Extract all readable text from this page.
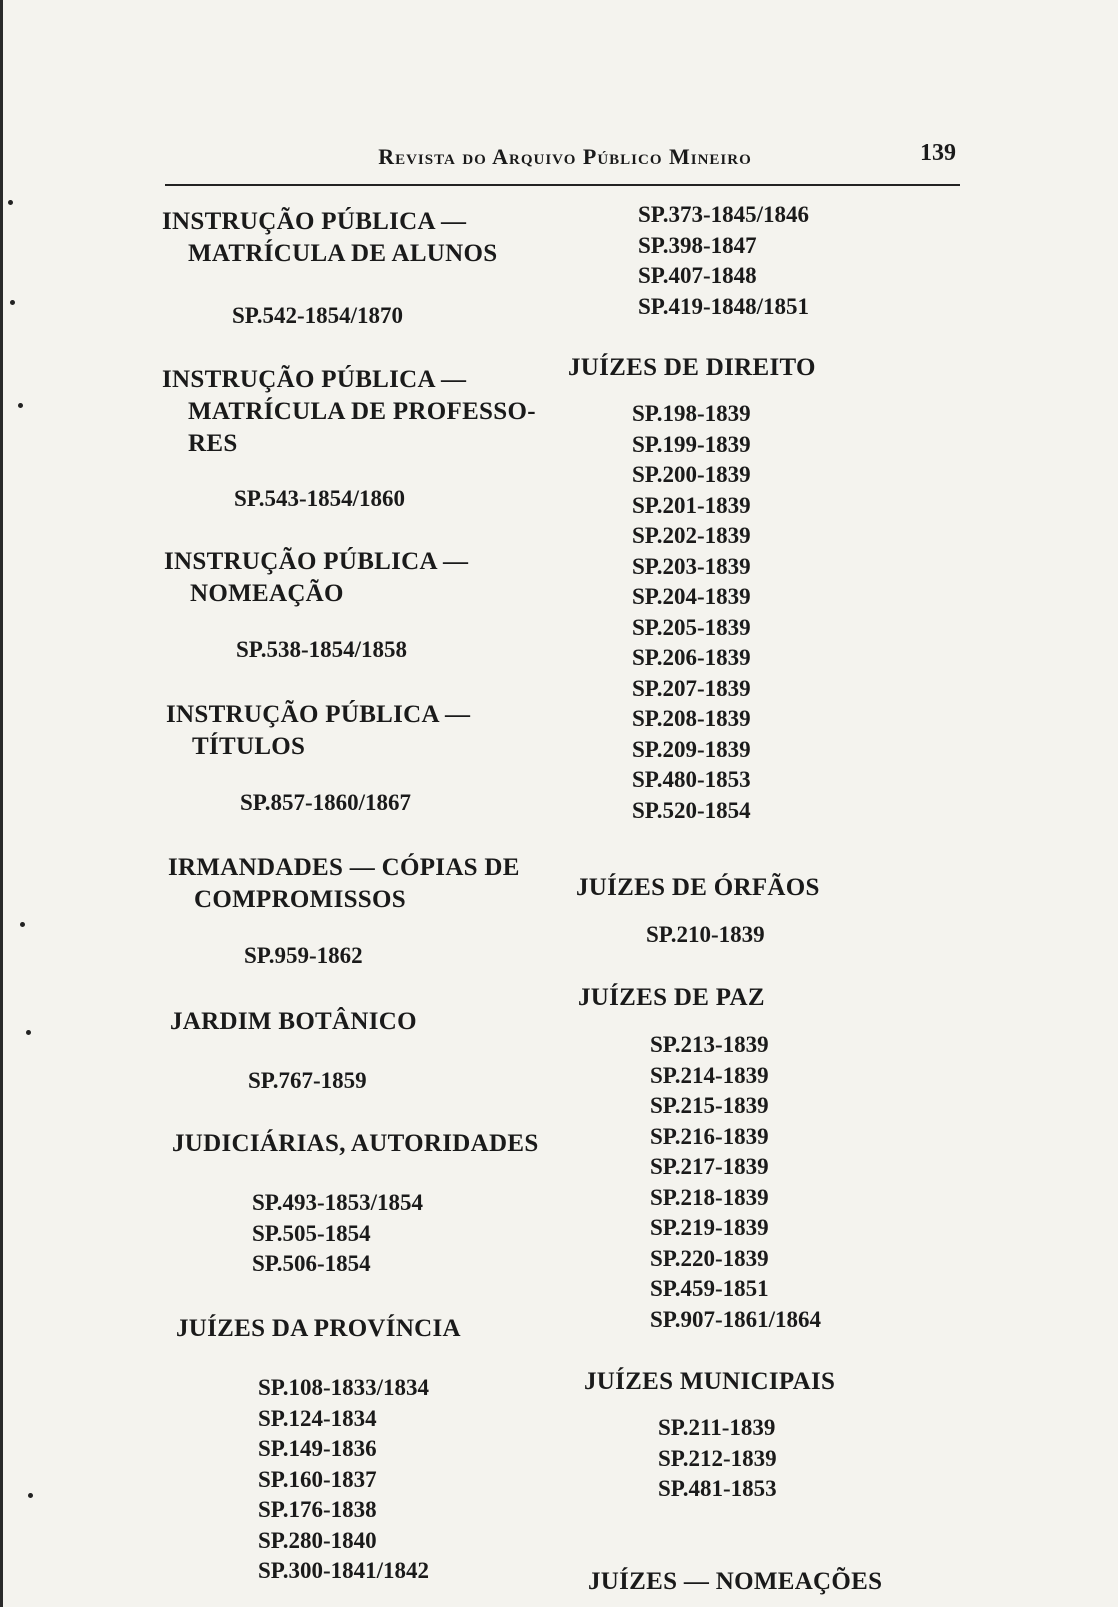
Revista do Arquivo Público Mineiro	139

INSTRUÇÃO PÚBLICA — MATRÍCULA DE ALUNOS

SP.542-1854/1870

INSTRUÇÃO PÚBLICA — MATRÍCULA DE PROFESSO-RES

SP.543-1854/1860

INSTRUÇÃO PÚBLICA — NOMEAÇÃO

SP.538-1854/1858

INSTRUÇÃO PÚBLICA — TÍTULOS

SP.857-1860/1867

IRMANDADES — CÓPIAS DE COMPROMISSOS

SP.959-1862

JARDIM BOTÂNICO

SP.767-1859

JUDICIÁRIAS, AUTORIDADES

SP.493-1853/1854
SP.505-1854
SP.506-1854

JUÍZES DA PROVÍNCIA

SP.108-1833/1834
SP.124-1834
SP.149-1836
SP.160-1837
SP.176-1838
SP.280-1840
SP.300-1841/1842
SP.373-1845/1846
SP.398-1847
SP.407-1848
SP.419-1848/1851

JUÍZES DE DIREITO

SP.198-1839
SP.199-1839
SP.200-1839
SP.201-1839
SP.202-1839
SP.203-1839
SP.204-1839
SP.205-1839
SP.206-1839
SP.207-1839
SP.208-1839
SP.209-1839
SP.480-1853
SP.520-1854

JUÍZES DE ÓRFÃOS

SP.210-1839

JUÍZES DE PAZ

SP.213-1839
SP.214-1839
SP.215-1839
SP.216-1839
SP.217-1839
SP.218-1839
SP.219-1839
SP.220-1839
SP.459-1851
SP.907-1861/1864

JUÍZES MUNICIPAIS

SP.211-1839
SP.212-1839
SP.481-1853

JUÍZES — NOMEAÇÕES
